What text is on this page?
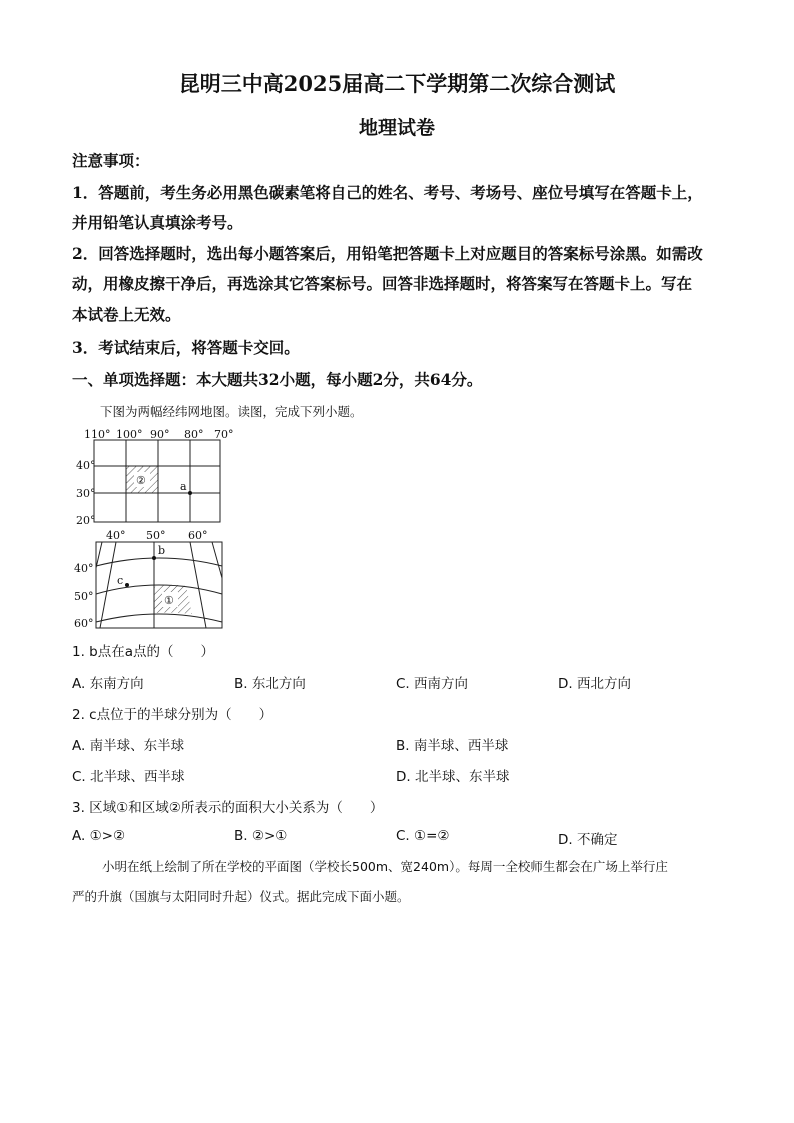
昆明三中高2025届高二下学期第二次综合测试
地理试卷
注意事项：
1．答题前，考生务必用黑色碳素笔将自己的姓名、考号、考场号、座位号填写在答题卡上，
并用铅笔认真填涂考号。
2．回答选择题时，选出每小题答案后，用铅笔把答题卡上对应题目的答案标号涂黑。如需改
动，用橡皮擦干净后，再选涂其它答案标号。回答非选择题时，将答案写在答题卡上。写在
本试卷上无效。
3．考试结束后，将答题卡交回。
一、单项选择题：本大题共32小题，每小题2分，共64分。
下图为两幅经纬网地图。读图，完成下列小题。
110° 100° 90° 80° 70°
40°
30°
20°
②	a
40° 50° 60°
40°
50°
60°
①
b
c
1. b点在a点的（　　）
A. 东南方向	B. 东北方向	C. 西南方向	D. 西北方向
2. c点位于的半球分别为（　　）
A. 南半球、东半球	B. 南半球、西半球
C. 北半球、西半球	D. 北半球、东半球
3. 区域①和区域②所表示的面积大小关系为（　　）
A. ①>②	B. ②>①	C. ①=②	D. 不确定
小明在纸上绘制了所在学校的平面图（学校长500m、宽240m）。每周一全校师生都会在广场上举行庄
严的升旗（国旗与太阳同时升起）仪式。据此完成下面小题。
